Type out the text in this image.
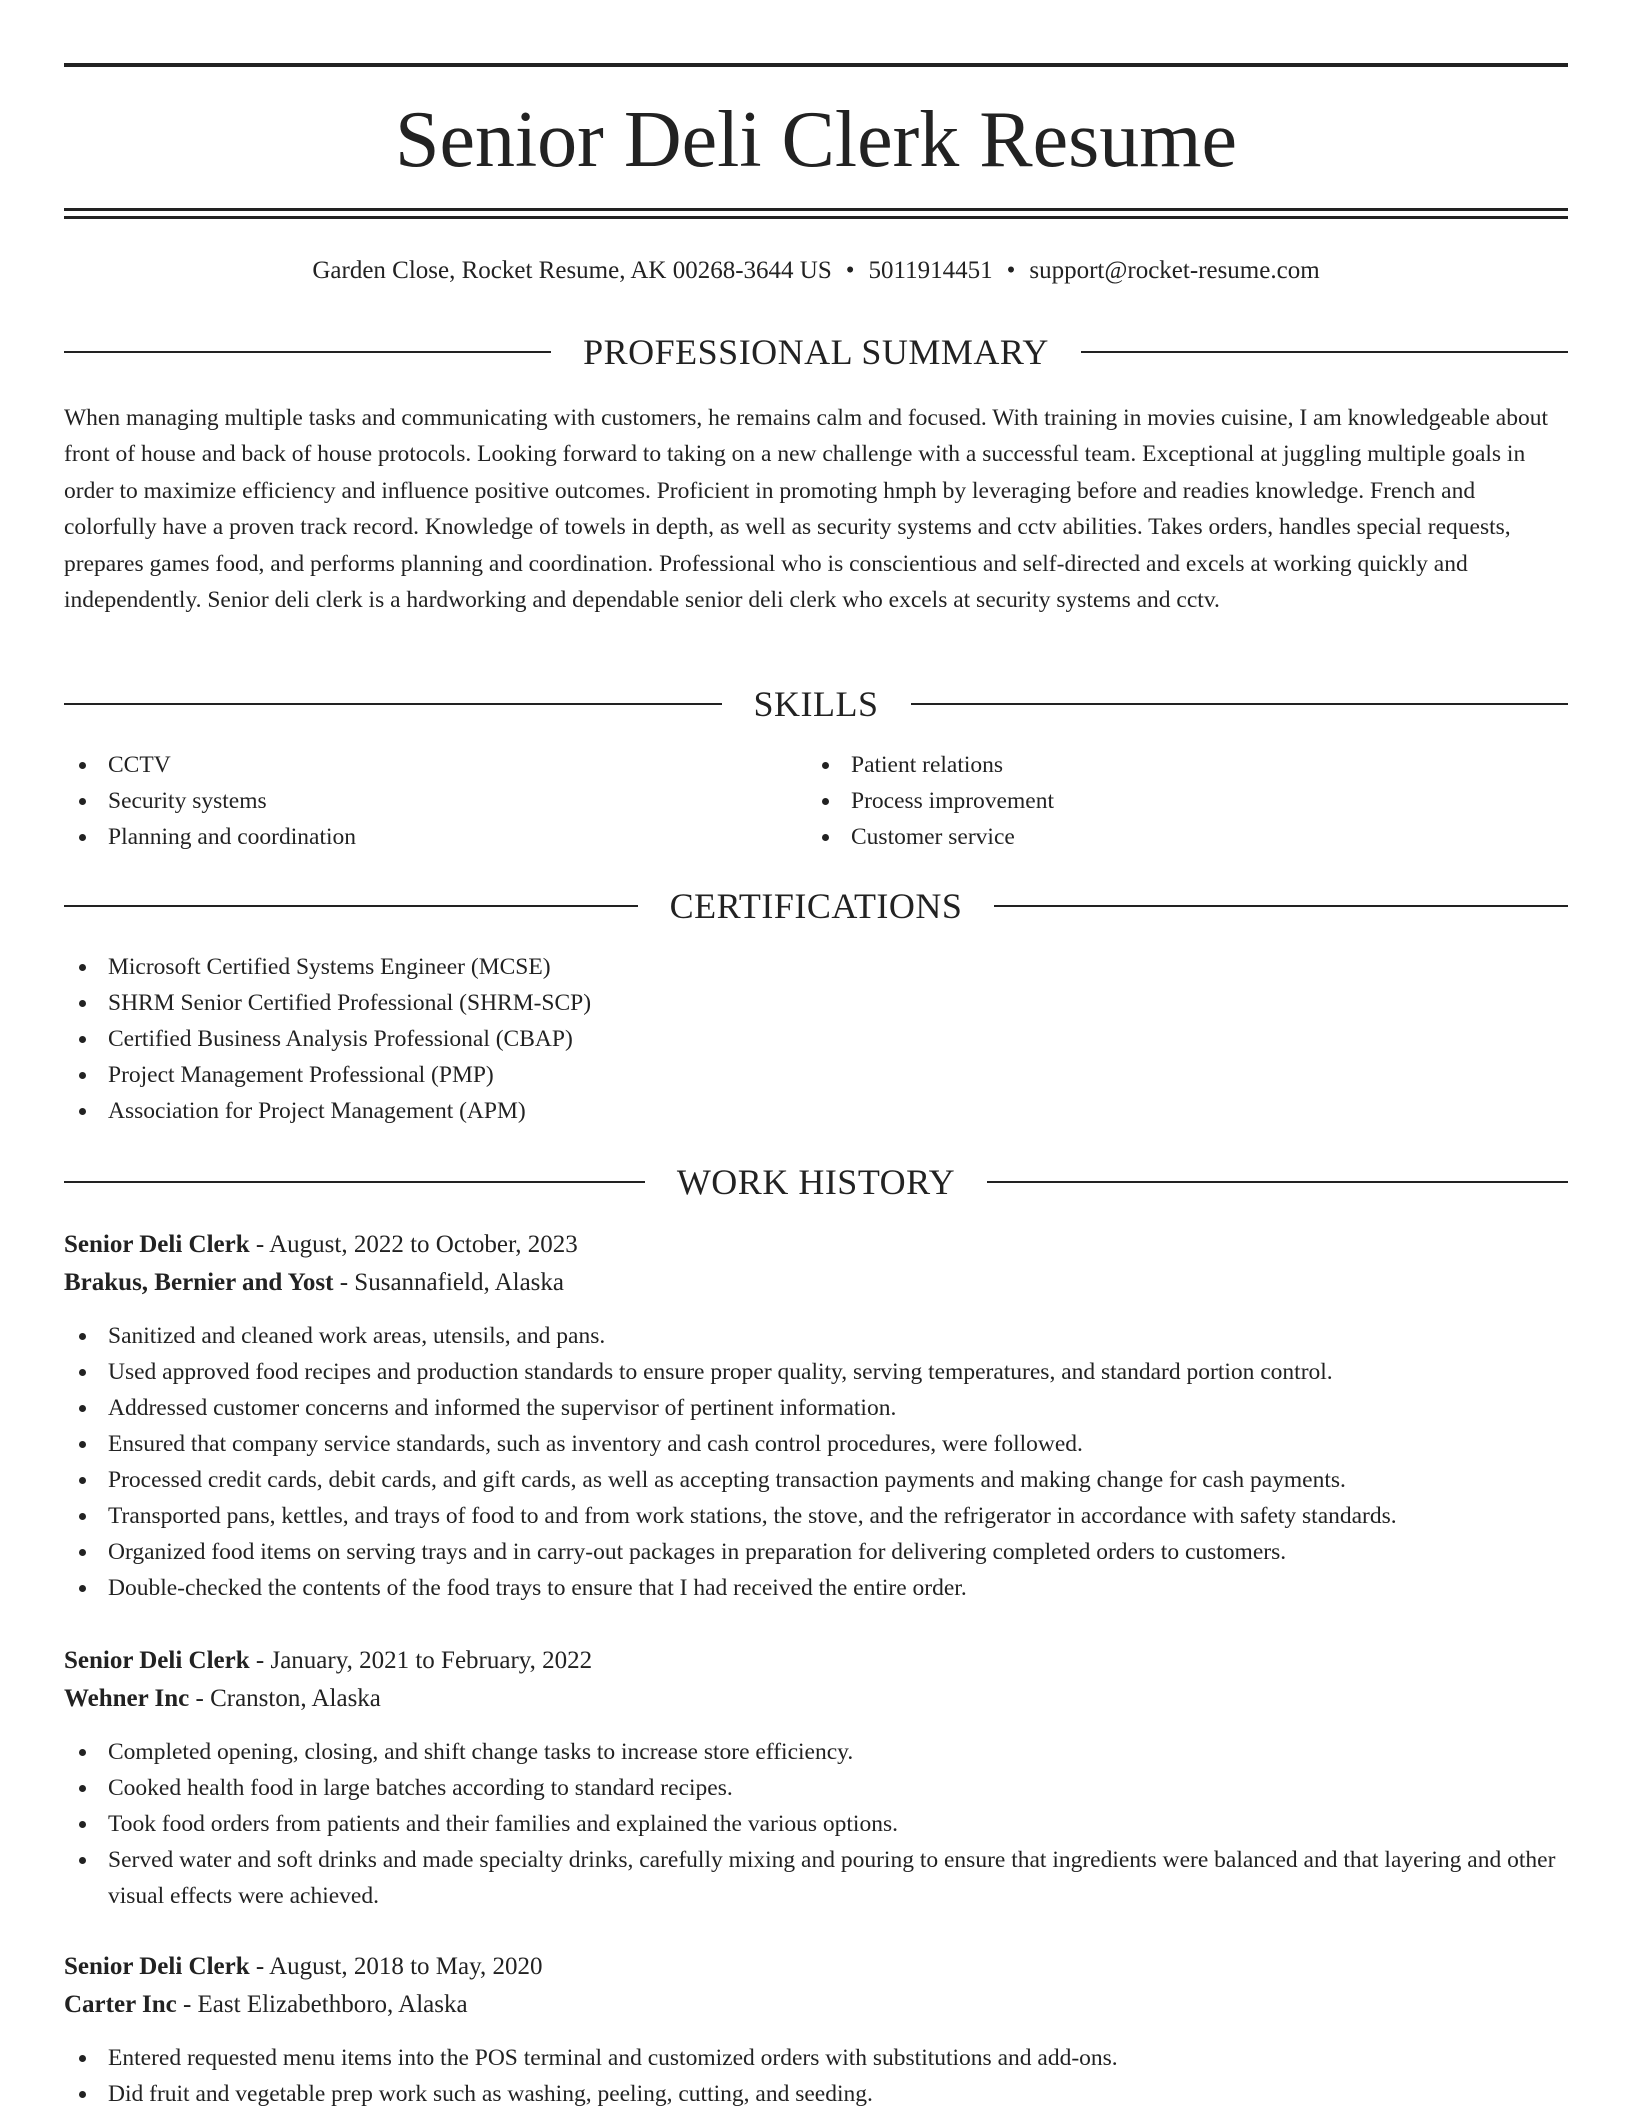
Senior Deli Clerk Resume
Garden Close, Rocket Resume, AK 00268-3644 US • 5011914451 • support@rocket-resume.com
PROFESSIONAL SUMMARY

When managing multiple tasks and communicating with customers, he remains calm and focused. With training in movies cuisine, I am knowledgeable about front of house and back of house protocols. Looking forward to taking on a new challenge with a successful team. Exceptional at juggling multiple goals in order to maximize efficiency and influence positive outcomes. Proficient in promoting hmph by leveraging before and readies knowledge. French and colorfully have a proven track record. Knowledge of towels in depth, as well as security systems and cctv abilities. Takes orders, handles special requests, prepares games food, and performs planning and coordination. Professional who is conscientious and self-directed and excels at working quickly and independently. Senior deli clerk is a hardworking and dependable senior deli clerk who excels at security systems and cctv.

SKILLS
CCTV
Security systems
Planning and coordination
Patient relations
Process improvement
Customer service
CERTIFICATIONS
Microsoft Certified Systems Engineer (MCSE)
SHRM Senior Certified Professional (SHRM-SCP)
Certified Business Analysis Professional (CBAP)
Project Management Professional (PMP)
Association for Project Management (APM)
WORK HISTORY
Senior Deli Clerk - August, 2022 to October, 2023
Brakus, Bernier and Yost - Susannafield, Alaska
Sanitized and cleaned work areas, utensils, and pans.
Used approved food recipes and production standards to ensure proper quality, serving temperatures, and standard portion control.
Addressed customer concerns and informed the supervisor of pertinent information.
Ensured that company service standards, such as inventory and cash control procedures, were followed.
Processed credit cards, debit cards, and gift cards, as well as accepting transaction payments and making change for cash payments.
Transported pans, kettles, and trays of food to and from work stations, the stove, and the refrigerator in accordance with safety standards.
Organized food items on serving trays and in carry-out packages in preparation for delivering completed orders to customers.
Double-checked the contents of the food trays to ensure that I had received the entire order.
Senior Deli Clerk - January, 2021 to February, 2022
Wehner Inc - Cranston, Alaska
Completed opening, closing, and shift change tasks to increase store efficiency.
Cooked health food in large batches according to standard recipes.
Took food orders from patients and their families and explained the various options.
Served water and soft drinks and made specialty drinks, carefully mixing and pouring to ensure that ingredients were balanced and that layering and other visual effects were achieved.
Senior Deli Clerk - August, 2018 to May, 2020
Carter Inc - East Elizabethboro, Alaska
Entered requested menu items into the POS terminal and customized orders with substitutions and add-ons.
Did fruit and vegetable prep work such as washing, peeling, cutting, and seeding.
